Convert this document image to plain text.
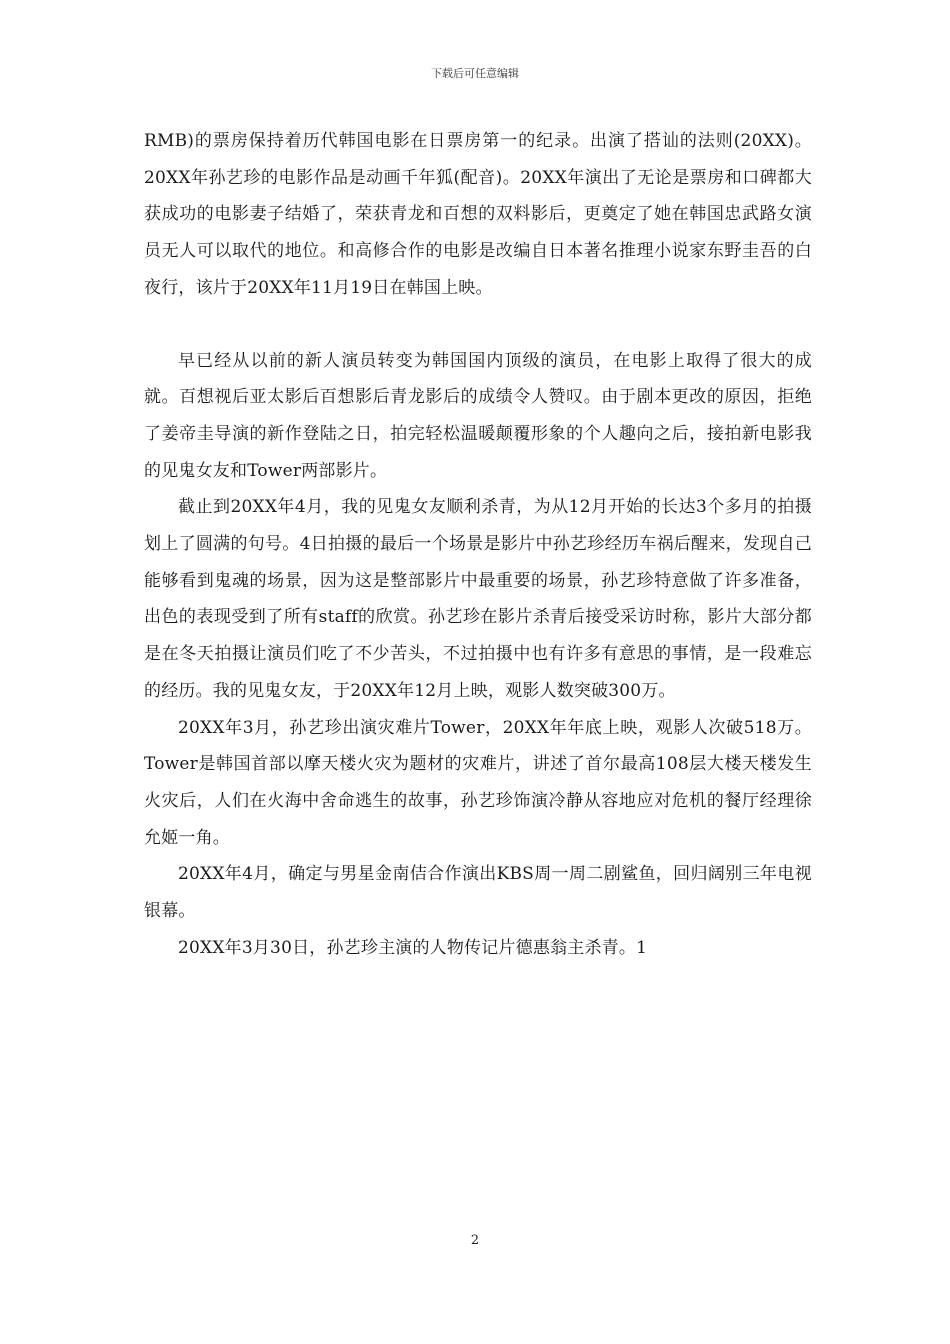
下载后可任意编辑

RMB)的票房保持着历代韩国电影在日票房第一的纪录。出演了搭讪的法则(20XX)。20XX年孙艺珍的电影作品是动画千年狐(配音)。20XX年演出了无论是票房和口碑都大获成功的电影妻子结婚了，荣获青龙和百想的双料影后，更奠定了她在韩国忠武路女演员无人可以取代的地位。和高修合作的电影是改编自日本著名推理小说家东野圭吾的白夜行，该片于20XX年11月19日在韩国上映。

早已经从以前的新人演员转变为韩国国内顶级的演员，在电影上取得了很大的成就。百想视后亚太影后百想影后青龙影后的成绩令人赞叹。由于剧本更改的原因，拒绝了姜帝圭导演的新作登陆之日，拍完轻松温暖颠覆形象的个人趣向之后，接拍新电影我的见鬼女友和Tower两部影片。

截止到20XX年4月，我的见鬼女友顺利杀青，为从12月开始的长达3个多月的拍摄划上了圆满的句号。4日拍摄的最后一个场景是影片中孙艺珍经历车祸后醒来，发现自己能够看到鬼魂的场景，因为这是整部影片中最重要的场景，孙艺珍特意做了许多准备，出色的表现受到了所有staff的欣赏。孙艺珍在影片杀青后接受采访时称，影片大部分都是在冬天拍摄让演员们吃了不少苦头，不过拍摄中也有许多有意思的事情，是一段难忘的经历。我的见鬼女友，于20XX年12月上映，观影人数突破300万。

20XX年3月，孙艺珍出演灾难片Tower，20XX年年底上映，观影人次破518万。Tower是韩国首部以摩天楼火灾为题材的灾难片，讲述了首尔最高108层大楼天楼发生火灾后，人们在火海中舍命逃生的故事，孙艺珍饰演冷静从容地应对危机的餐厅经理徐允姬一角。

20XX年4月，确定与男星金南佶合作演出KBS周一周二剧鲨鱼，回归阔别三年电视银幕。

20XX年3月30日，孙艺珍主演的人物传记片德惠翁主杀青。1

2
